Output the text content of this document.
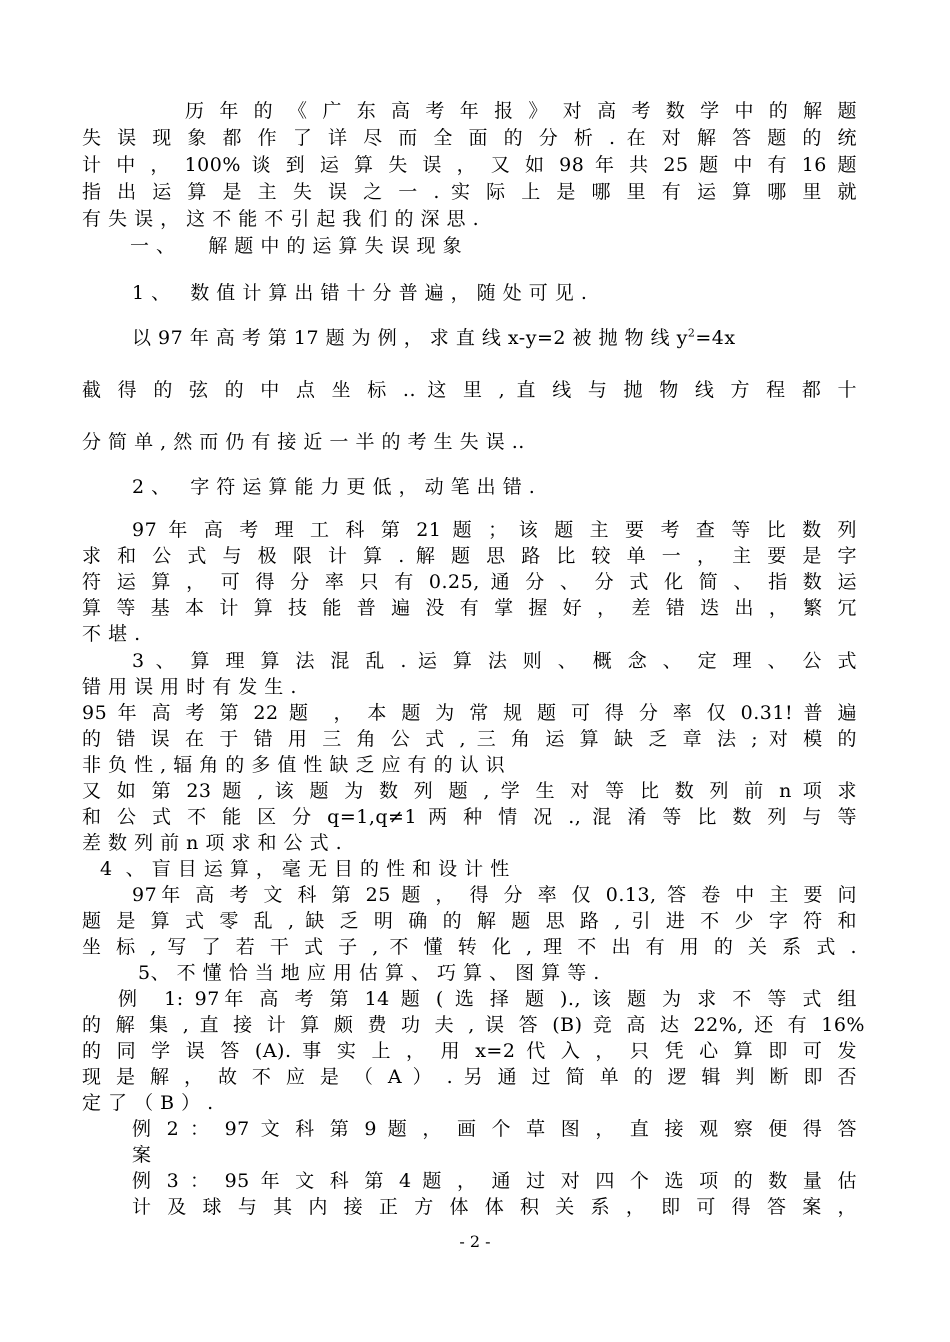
历 年 的 《 广 东 高 考 年 报 》 对 高 考 数 学 中 的 解 题
失 误 现 象 都 作 了 详 尽 而 全 面 的 分 析 . 在 对 解 答 题 的 统
计 中 ， 100% 谈 到 运 算 失 误 ， 又 如 98 年 共 25 题 中 有 16 题
指 出 运 算 是 主 失 误 之 一 . 实 际 上 是 哪 里 有 运 算 哪 里 就
有 失 误 ， 这 不 能 不 引 起 我 们 的 深 思 .
一 、     解 题 中 的 运 算 失 误 现 象
1 、   数 值 计 算 出 错 十 分 普 遍 ， 随 处 可 见 .
以 97 年 高 考 第 17 题 为 例 ， 求 直 线 x-y=2 被 抛 物 线 $y^2=4x$
截 得 的 弦 的 中 点 坐 标 .. 这 里 , 直 线 与 抛 物 线 方 程 都 十
分 简 单 , 然 而 仍 有 接 近 一 半 的 考 生 失 误 ..
2 、   字 符 运 算 能 力 更 低 ， 动 笔 出 错 .
97 年 高 考 理 工 科 第 21 题 ； 该 题 主 要 考 查 等 比 数 列
求 和 公 式 与 极 限 计 算 . 解 题 思 路 比 较 单 一 ， 主 要 是 字
符 运 算 ， 可 得 分 率 只 有 0.25, 通 分 、 分 式 化 简 、 指 数 运
算 等 基 本 计 算 技 能 普 遍 没 有 掌 握 好 ， 差 错 迭 出 ， 繁 冗
不 堪 .
3 、 算 理 算 法 混 乱 . 运 算 法 则 、 概 念 、 定 理 、 公 式
错 用 误 用 时 有 发 生 .
95 年 高 考 第 22 题  ， 本 题 为 常 规 题 可 得 分 率 仅 0.31! 普 遍
的 错 误 在 于 错 用 三 角 公 式 , 三 角 运 算 缺 乏 章 法 ; 对 模 的
非 负 性 , 辐 角 的 多 值 性 缺 乏 应 有 的 认 识
又 如 第 23 题 , 该 题 为 数 列 题 , 学 生 对 等 比 数 列 前 n 项 求
和 公 式 不 能 区 分 q=1,q≠1 两 种 情 况 ., 混 淆 等 比 数 列 与 等
差 数 列 前 n 项 求 和 公 式 .
4  、 盲 目 运 算 ， 毫 无 目 的 性 和 设 计 性
97年 高 考 文 科 第 25 题 ， 得 分 率 仅 0.13, 答 卷 中 主 要 问
题 是 算 式 零 乱 , 缺 乏 明 确 的 解 题 思 路 , 引 进 不 少 字 符 和
坐 标 , 写 了 若 干 式 子 , 不 懂 转 化 , 理 不 出 有 用 的 关 系 式 .
5、 不 懂 恰 当 地 应 用 估 算 、 巧 算 、 图 算 等 .
例  1: 97年 高 考 第 14 题 ( 选 择 题 )., 该 题 为 求 不 等 式 组
的 解 集 , 直 接 计 算 颇 费 功 夫 , 误 答 (B) 竞 高 达 22%, 还 有 16%
的 同 学 误 答 (A). 事 实 上 ， 用 x=2 代 入 ， 只 凭 心 算 即 可 发
现 是 解 ， 故 不 应 是 （ A ） . 另 通 过 简 单 的 逻 辑 判 断 即 否
定 了 （ B ） .
例 2 ： 97 文 科 第 9 题 ， 画 个 草 图 ， 直 接 观 察 便 得 答
案
例 3 ： 95 年 文 科 第 4 题 ， 通 过 对 四 个 选 项 的 数 量 估
计 及 球 与 其 内 接 正 方 体 体 积 关 系 ， 即 可 得 答 案 ，
- 2 -
